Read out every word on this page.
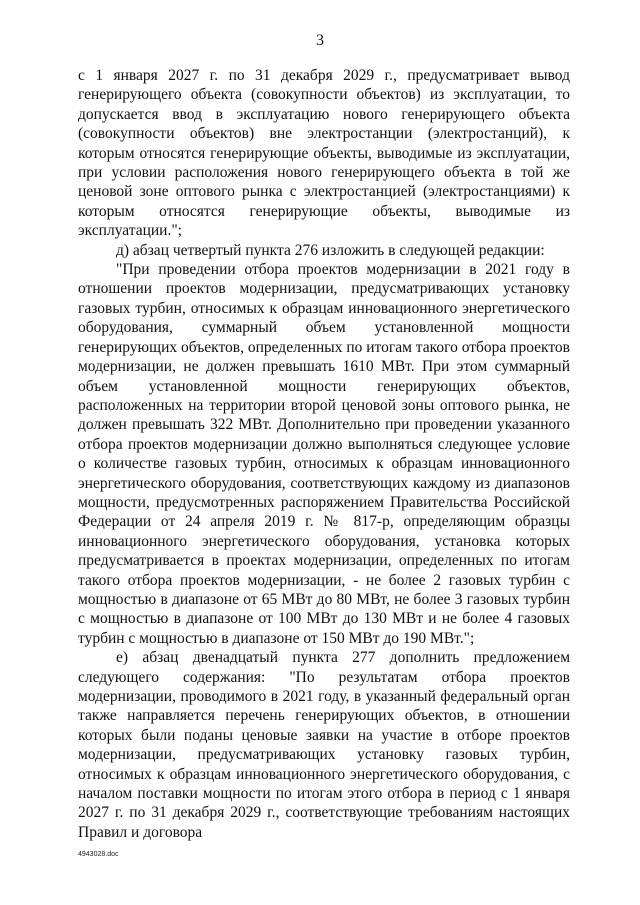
3

с 1 января 2027 г. по 31 декабря 2029 г., предусматривает вывод генерирующего объекта (совокупности объектов) из эксплуатации, то допускается ввод в эксплуатацию нового генерирующего объекта (совокупности объектов) вне электростанции (электростанций), к которым относятся генерирующие объекты, выводимые из эксплуатации, при условии расположения нового генерирующего объекта в той же ценовой зоне оптового рынка с электростанцией (электростанциями) к которым относятся генерирующие объекты, выводимые из эксплуатации.";

д) абзац четвертый пункта 276 изложить в следующей редакции:

"При проведении отбора проектов модернизации в 2021 году в отношении проектов модернизации, предусматривающих установку газовых турбин, относимых к образцам инновационного энергетического оборудования, суммарный объем установленной мощности генерирующих объектов, определенных по итогам такого отбора проектов модернизации, не должен превышать 1610 МВт. При этом суммарный объем установленной мощности генерирующих объектов, расположенных на территории второй ценовой зоны оптового рынка, не должен превышать 322 МВт. Дополнительно при проведении указанного отбора проектов модернизации должно выполняться следующее условие о количестве газовых турбин, относимых к образцам инновационного энергетического оборудования, соответствующих каждому из диапазонов мощности, предусмотренных распоряжением Правительства Российской Федерации от 24 апреля 2019 г. № 817-р, определяющим образцы инновационного энергетического оборудования, установка которых предусматривается в проектах модернизации, определенных по итогам такого отбора проектов модернизации, - не более 2 газовых турбин с мощностью в диапазоне от 65 МВт до 80 МВт, не более 3 газовых турбин с мощностью в диапазоне от 100 МВт до 130 МВт и не более 4 газовых турбин с мощностью в диапазоне от 150 МВт до 190 МВт.";

е) абзац двенадцатый пункта 277 дополнить предложением следующего содержания: "По результатам отбора проектов модернизации, проводимого в 2021 году, в указанный федеральный орган также направляется перечень генерирующих объектов, в отношении которых были поданы ценовые заявки на участие в отборе проектов модернизации, предусматривающих установку газовых турбин, относимых к образцам инновационного энергетического оборудования, с началом поставки мощности по итогам этого отбора в период с 1 января 2027 г. по 31 декабря 2029 г., соответствующие требованиям настоящих Правил и договора

4943028.doc
